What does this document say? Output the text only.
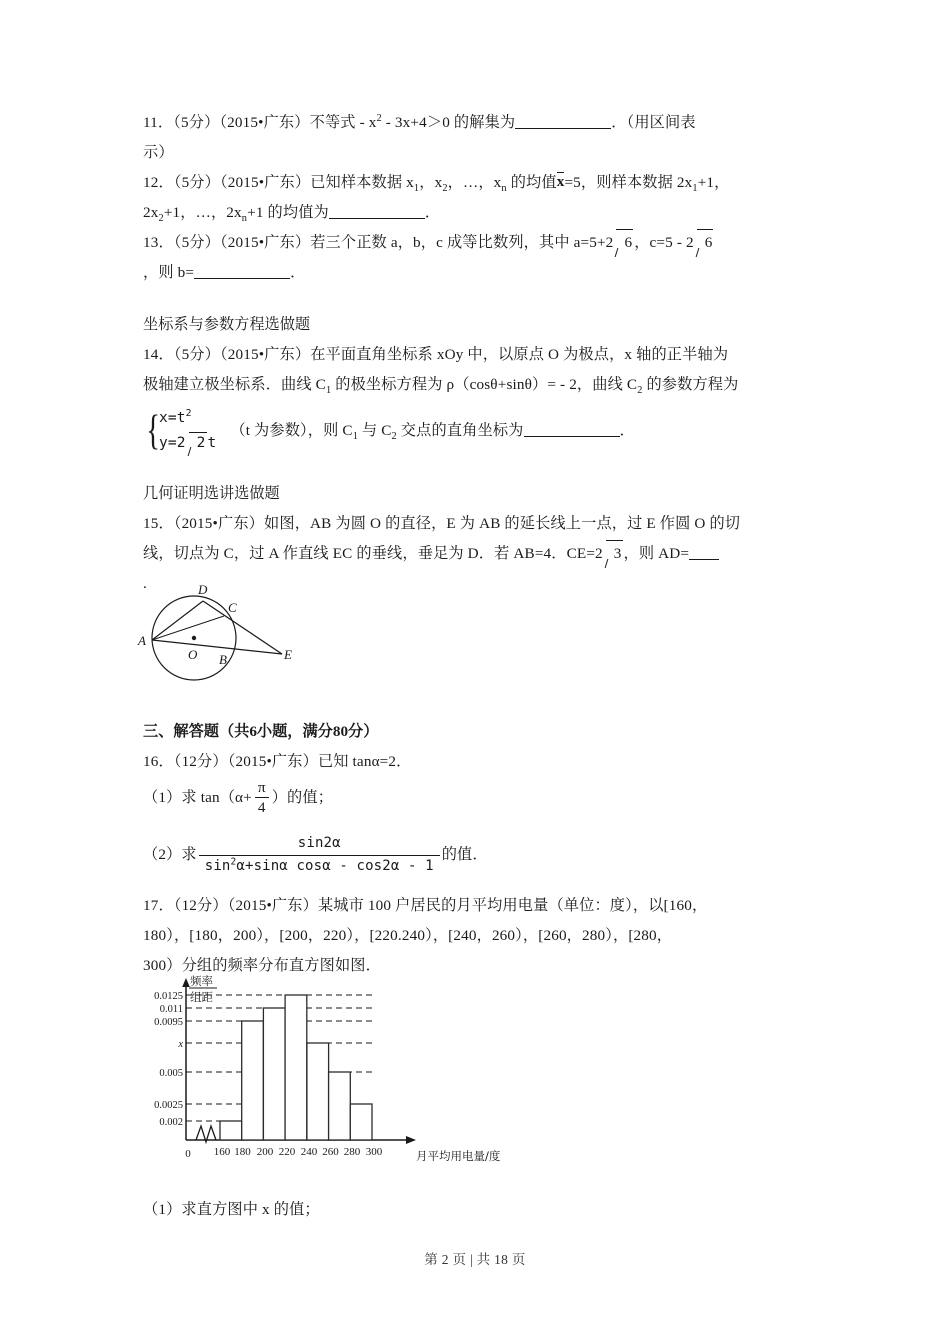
11．（5分）（2015•广东）不等式 - $x^2 - 3x+4>0$ 的解集为	．（用区间表
示）

12．（5分）（2015•广东）已知样本数据 $x_1$，$x_2$，…，$x_n$ 的均值x=5，则样本数据 $2x_1+1$，
$2x_2+1$，…，$2x_n+1$ 的均值为	．

13．（5分）（2015•广东）若三个正数 a，b，c 成等比数列，其中 a=5+2 6 ，c=5 - 2 6
，则 b=	．

坐标系与参数方程选做题

14．（5分）（2015•广东）在平面直角坐标系 xOy 中，以原点 O 为极点，x 轴的正半轴为
极轴建立极坐标系．曲线 $C_1$ 的极坐标方程为 ρ（cosθ+sinθ）= - 2，曲线 $C_2$ 的参数方程为

{
$x=t^2$
y=2 2 t
（t 为参数），则 $C_1$ 与 $C_2$ 交点的直角坐标为	．

几何证明选讲选做题

15．（2015•广东）如图，AB 为圆 O 的直径，E 为 AB 的延长线上一点，过 E 作圆 O 的切
线，切点为 C，过 A 作直线 EC 的垂线，垂足为 D．若 AB=4．CE=2 3 ，则 AD=
.

三、解答题（共6小题，满分80分）

16．（12分）（2015•广东）已知 tanα=2．

（1）求 $\tan(\alpha+ \frac{\pi}{4}$ ）的值；

（2）求 $\frac{\sin 2\alpha}{\sin^2\alpha+\sin\alpha \cos\alpha - \cos 2\alpha - 1}$ 的值．

17．（12分）（2015•广东）某城市 100 户居民的月平均用电量（单位：度），以[160，
180），[180，200），[200，220），[220.240），[240，260），[260，280），[280，
300）分组的频率分布直方图如图．

（1）求直方图中 x 的值；

D
C
A
O B	E
频率
组距
0.0125
0.011
0.0095
x
0.005
0.0025
0.002
0 160 180 200 220 240 260 280 300	月平均用电量/度
第 2 页 | 共 18 页
